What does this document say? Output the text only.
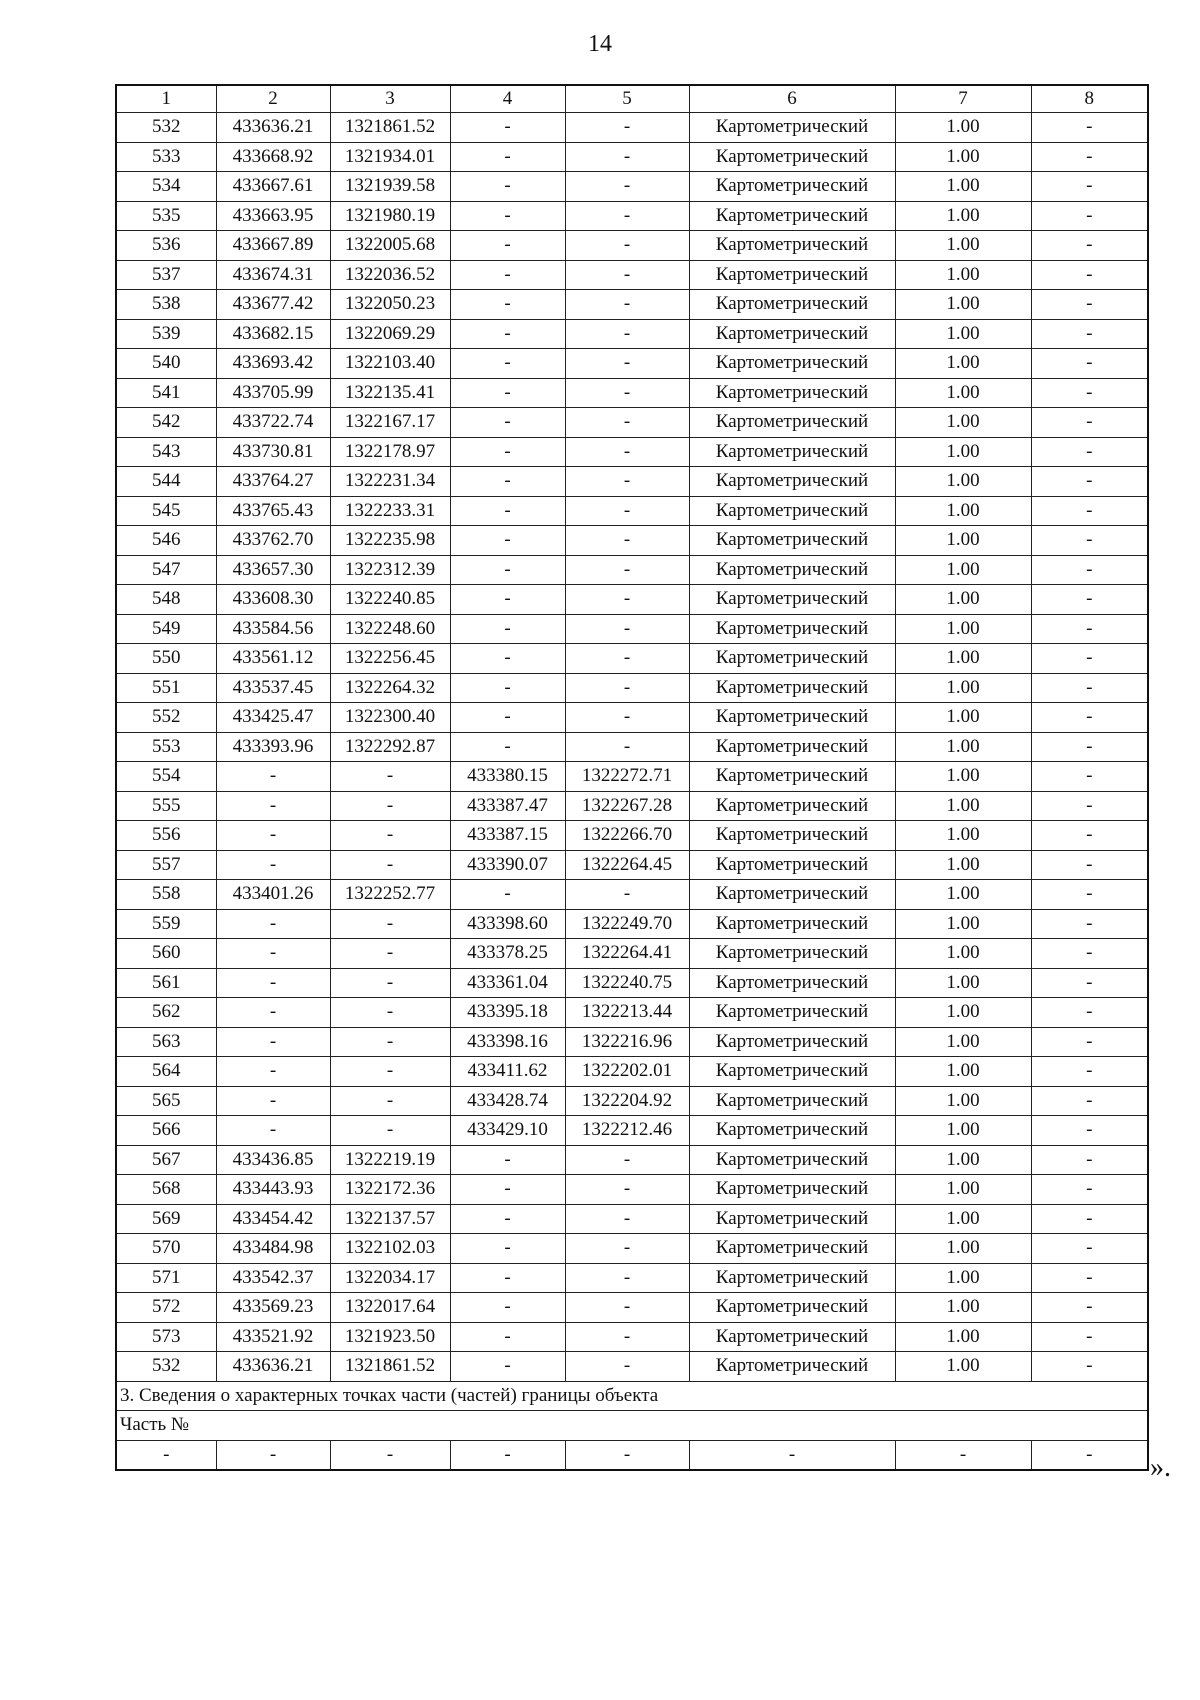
14
1	2	3	4	5	6	7	8
532	433636.21	1321861.52	-	-	Картометрический	1.00	-
533	433668.92	1321934.01	-	-	Картометрический	1.00	-
534	433667.61	1321939.58	-	-	Картометрический	1.00	-
535	433663.95	1321980.19	-	-	Картометрический	1.00	-
536	433667.89	1322005.68	-	-	Картометрический	1.00	-
537	433674.31	1322036.52	-	-	Картометрический	1.00	-
538	433677.42	1322050.23	-	-	Картометрический	1.00	-
539	433682.15	1322069.29	-	-	Картометрический	1.00	-
540	433693.42	1322103.40	-	-	Картометрический	1.00	-
541	433705.99	1322135.41	-	-	Картометрический	1.00	-
542	433722.74	1322167.17	-	-	Картометрический	1.00	-
543	433730.81	1322178.97	-	-	Картометрический	1.00	-
544	433764.27	1322231.34	-	-	Картометрический	1.00	-
545	433765.43	1322233.31	-	-	Картометрический	1.00	-
546	433762.70	1322235.98	-	-	Картометрический	1.00	-
547	433657.30	1322312.39	-	-	Картометрический	1.00	-
548	433608.30	1322240.85	-	-	Картометрический	1.00	-
549	433584.56	1322248.60	-	-	Картометрический	1.00	-
550	433561.12	1322256.45	-	-	Картометрический	1.00	-
551	433537.45	1322264.32	-	-	Картометрический	1.00	-
552	433425.47	1322300.40	-	-	Картометрический	1.00	-
553	433393.96	1322292.87	-	-	Картометрический	1.00	-
554	-	-	433380.15	1322272.71	Картометрический	1.00	-
555	-	-	433387.47	1322267.28	Картометрический	1.00	-
556	-	-	433387.15	1322266.70	Картометрический	1.00	-
557	-	-	433390.07	1322264.45	Картометрический	1.00	-
558	433401.26	1322252.77	-	-	Картометрический	1.00	-
559	-	-	433398.60	1322249.70	Картометрический	1.00	-
560	-	-	433378.25	1322264.41	Картометрический	1.00	-
561	-	-	433361.04	1322240.75	Картометрический	1.00	-
562	-	-	433395.18	1322213.44	Картометрический	1.00	-
563	-	-	433398.16	1322216.96	Картометрический	1.00	-
564	-	-	433411.62	1322202.01	Картометрический	1.00	-
565	-	-	433428.74	1322204.92	Картометрический	1.00	-
566	-	-	433429.10	1322212.46	Картометрический	1.00	-
567	433436.85	1322219.19	-	-	Картометрический	1.00	-
568	433443.93	1322172.36	-	-	Картометрический	1.00	-
569	433454.42	1322137.57	-	-	Картометрический	1.00	-
570	433484.98	1322102.03	-	-	Картометрический	1.00	-
571	433542.37	1322034.17	-	-	Картометрический	1.00	-
572	433569.23	1322017.64	-	-	Картометрический	1.00	-
573	433521.92	1321923.50	-	-	Картометрический	1.00	-
532	433636.21	1321861.52	-	-	Картометрический	1.00	-
3. Сведения о характерных точках части (частей) границы объекта							
Часть №							
-	-	-	-	-	-	-	- ».
